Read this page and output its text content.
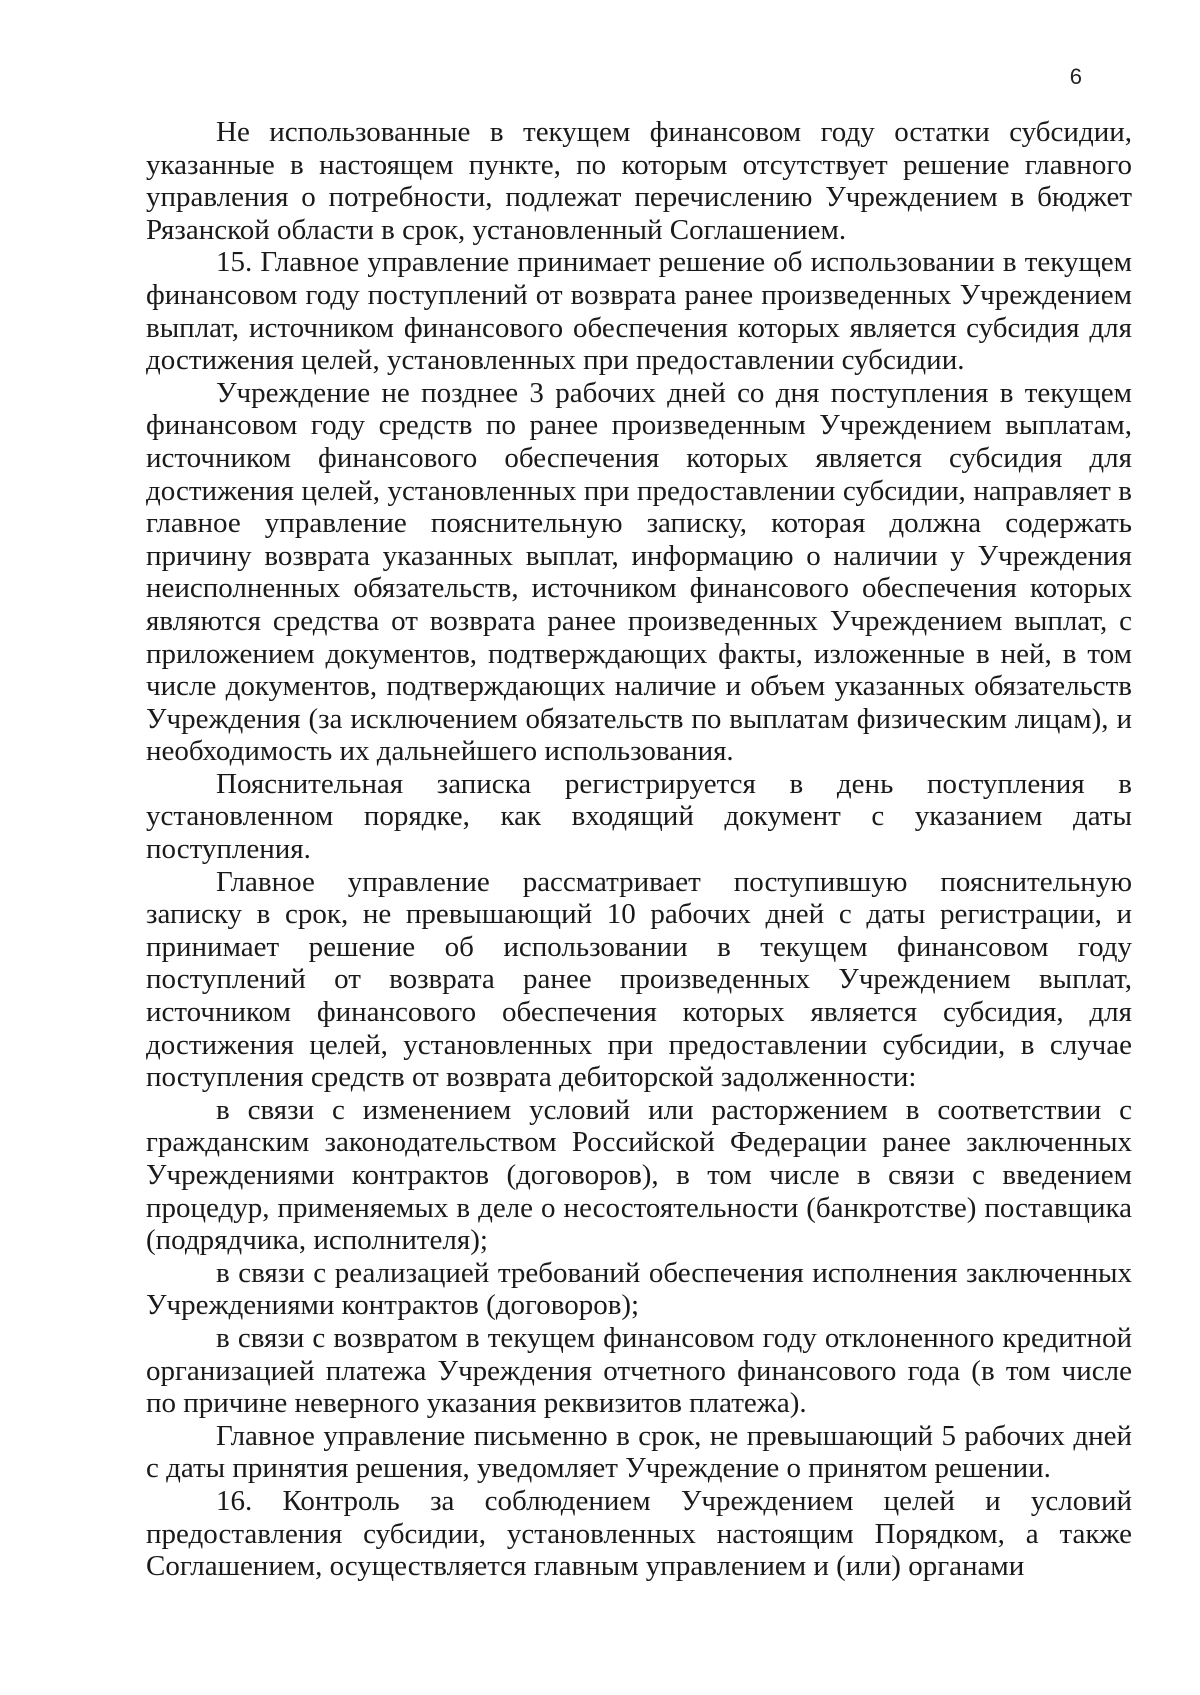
6

Не использованные в текущем финансовом году остатки субсидии, указанные в настоящем пункте, по которым отсутствует решение главного управления о потребности, подлежат перечислению Учреждением в бюджет Рязанской области в срок, установленный Соглашением.

15. Главное управление принимает решение об использовании в текущем финансовом году поступлений от возврата ранее произведенных Учреждением выплат, источником финансового обеспечения которых является субсидия для достижения целей, установленных при предоставлении субсидии.

Учреждение не позднее 3 рабочих дней со дня поступления в текущем финансовом году средств по ранее произведенным Учреждением выплатам, источником финансового обеспечения которых является субсидия для достижения целей, установленных при предоставлении субсидии, направляет в главное управление пояснительную записку, которая должна содержать причину возврата указанных выплат, информацию о наличии у Учреждения неисполненных обязательств, источником финансового обеспечения которых являются средства от возврата ранее произведенных Учреждением выплат, с приложением документов, подтверждающих факты, изложенные в ней, в том числе документов, подтверждающих наличие и объем указанных обязательств Учреждения (за исключением обязательств по выплатам физическим лицам), и необходимость их дальнейшего использования.

Пояснительная записка регистрируется в день поступления в установленном порядке, как входящий документ с указанием даты поступления.

Главное управление рассматривает поступившую пояснительную записку в срок, не превышающий 10 рабочих дней с даты регистрации, и принимает решение об использовании в текущем финансовом году поступлений от возврата ранее произведенных Учреждением выплат, источником финансового обеспечения которых является субсидия, для достижения целей, установленных при предоставлении субсидии, в случае поступления средств от возврата дебиторской задолженности:

в связи с изменением условий или расторжением в соответствии с гражданским законодательством Российской Федерации ранее заключенных Учреждениями контрактов (договоров), в том числе в связи с введением процедур, применяемых в деле о несостоятельности (банкротстве) поставщика (подрядчика, исполнителя);

в связи с реализацией требований обеспечения исполнения заключенных Учреждениями контрактов (договоров);

в связи с возвратом в текущем финансовом году отклоненного кредитной организацией платежа Учреждения отчетного финансового года (в том числе по причине неверного указания реквизитов платежа).

Главное управление письменно в срок, не превышающий 5 рабочих дней с даты принятия решения, уведомляет Учреждение о принятом решении.

16. Контроль за соблюдением Учреждением целей и условий предоставления субсидии, установленных настоящим Порядком, а также Соглашением, осуществляется главным управлением и (или) органами
